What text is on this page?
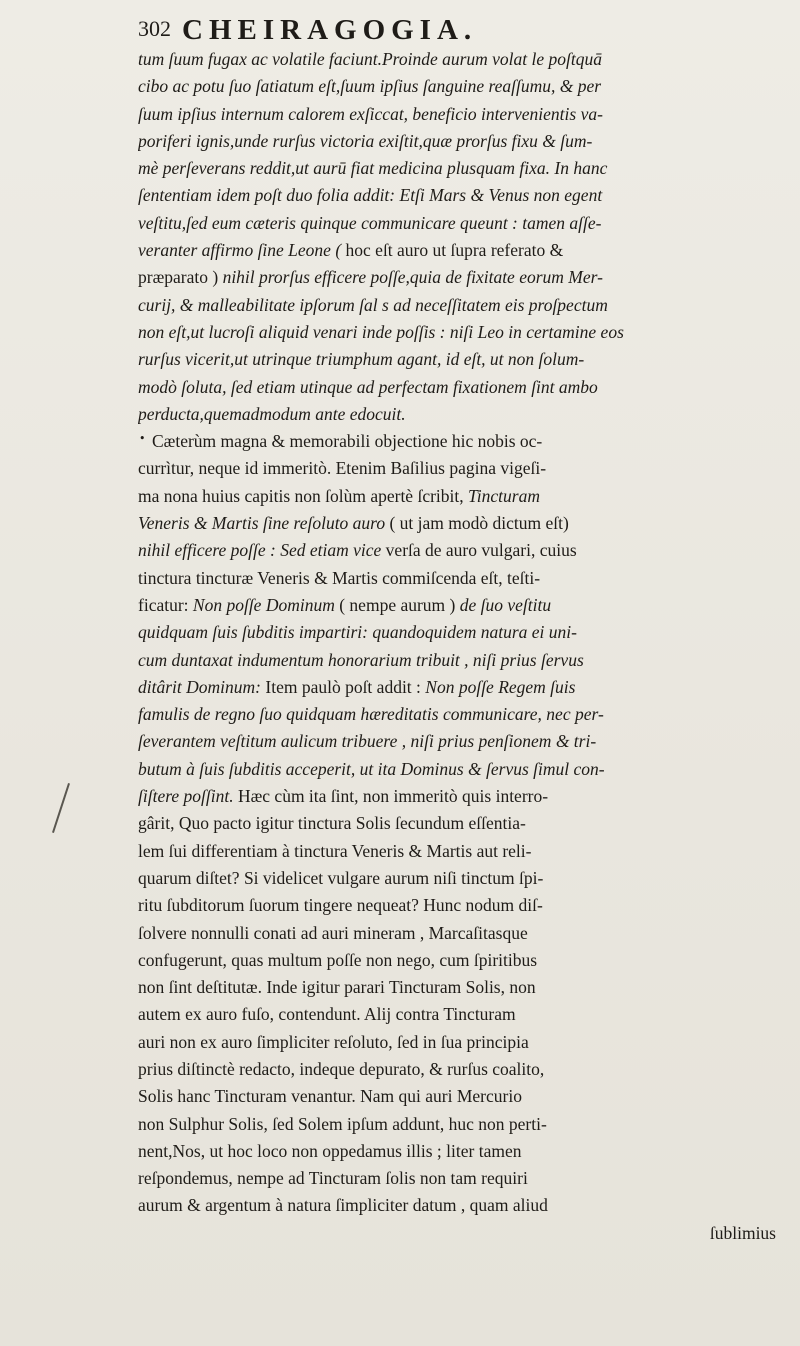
302 CHEIRAGOGIA.
•
tum ſuum fugax ac volatile faciunt.Proinde aurum volat le poſtquā
cibo ac potu ſuo ſatiatum eſt,ſuum ipſius ſanguine reaſſumu, & per
ſuum ipſius internum calorem exſiccat, beneficio intervenientis va-
poriferi ignis,unde rurſus victoria exiſtit,quæ prorſus fixu & ſum-
mè perſeverans reddit,ut aurū fiat medicina plusquam fixa. In hanc
ſententiam idem poſt duo folia addit: Etſi Mars & Venus non egent
veſtitu,ſed eum cæteris quinque communicare queunt : tamen aſſe-
veranter affirmo ſine Leone ( hoc eſt auro ut ſupra referato &
præparato ) nihil prorſus efficere poſſe,quia de fixitate eorum Mer-
curij, & malleabilitate ipſorum ſal s ad neceſſitatem eis proſpectum
non eſt,ut lucroſi aliquid venari inde poſſis : niſi Leo in certamine eos
rurſus vicerit,ut utrinque triumphum agant, id eſt, ut non ſolum-
modò ſoluta, ſed etiam utinque ad perfectam fixationem ſint ambo
perducta,quemadmodum ante edocuit.
Cæterùm magna & memorabili objectione hic nobis oc-
currìtur, neque id immeritò. Etenim Baſilius pagina vigeſi-
ma nona huius capitis non ſolùm apertè ſcribit, Tincturam
Veneris & Martis ſine reſoluto auro ( ut jam modò dictum eſt)
nihil efficere poſſe : Sed etiam vice verſa de auro vulgari, cuius
tinctura tincturæ Veneris & Martis commiſcenda eſt, teſti-
ficatur: Non poſſe Dominum ( nempe aurum ) de ſuo veſtitu
quidquam ſuis ſubditis impartiri: quandoquidem natura ei uni-
cum duntaxat indumentum honorarium tribuit , niſi prius ſervus
ditârit Dominum: Item paulò poſt addit : Non poſſe Regem ſuis
famulis de regno ſuo quidquam hæreditatis communicare, nec per-
ſeverantem veſtitum aulicum tribuere , niſi prius penſionem & tri-
butum à ſuis ſubditis acceperit, ut ita Dominus & ſervus ſimul con-
ſiſtere poſſint. Hæc cùm ita ſint, non immeritò quis interro-
gârit, Quo pacto igitur tinctura Solis ſecundum eſſentia-
lem ſui differentiam à tinctura Veneris & Martis aut reli-
quarum diſtet? Si videlicet vulgare aurum niſi tinctum ſpi-
ritu ſubditorum ſuorum tingere nequeat? Hunc nodum diſ-
ſolvere nonnulli conati ad auri mineram , Marcaſitasque
confugerunt, quas multum poſſe non nego, cum ſpiritibus
non ſint deſtitutæ. Inde igitur parari Tincturam Solis, non
autem ex auro fuſo, contendunt. Alij contra Tincturam
auri non ex auro ſimpliciter reſoluto, ſed in ſua principia
prius diſtinctè redacto, indeque depurato, & rurſus coalito,
Solis hanc Tincturam venantur. Nam qui auri Mercurio
non Sulphur Solis, ſed Solem ipſum addunt, huc non perti-
nent,Nos, ut hoc loco non oppedamus illis ; liter tamen
reſpondemus, nempe ad Tincturam ſolis non tam requiri
aurum & argentum à natura ſimpliciter datum , quam aliud
ſublimius
